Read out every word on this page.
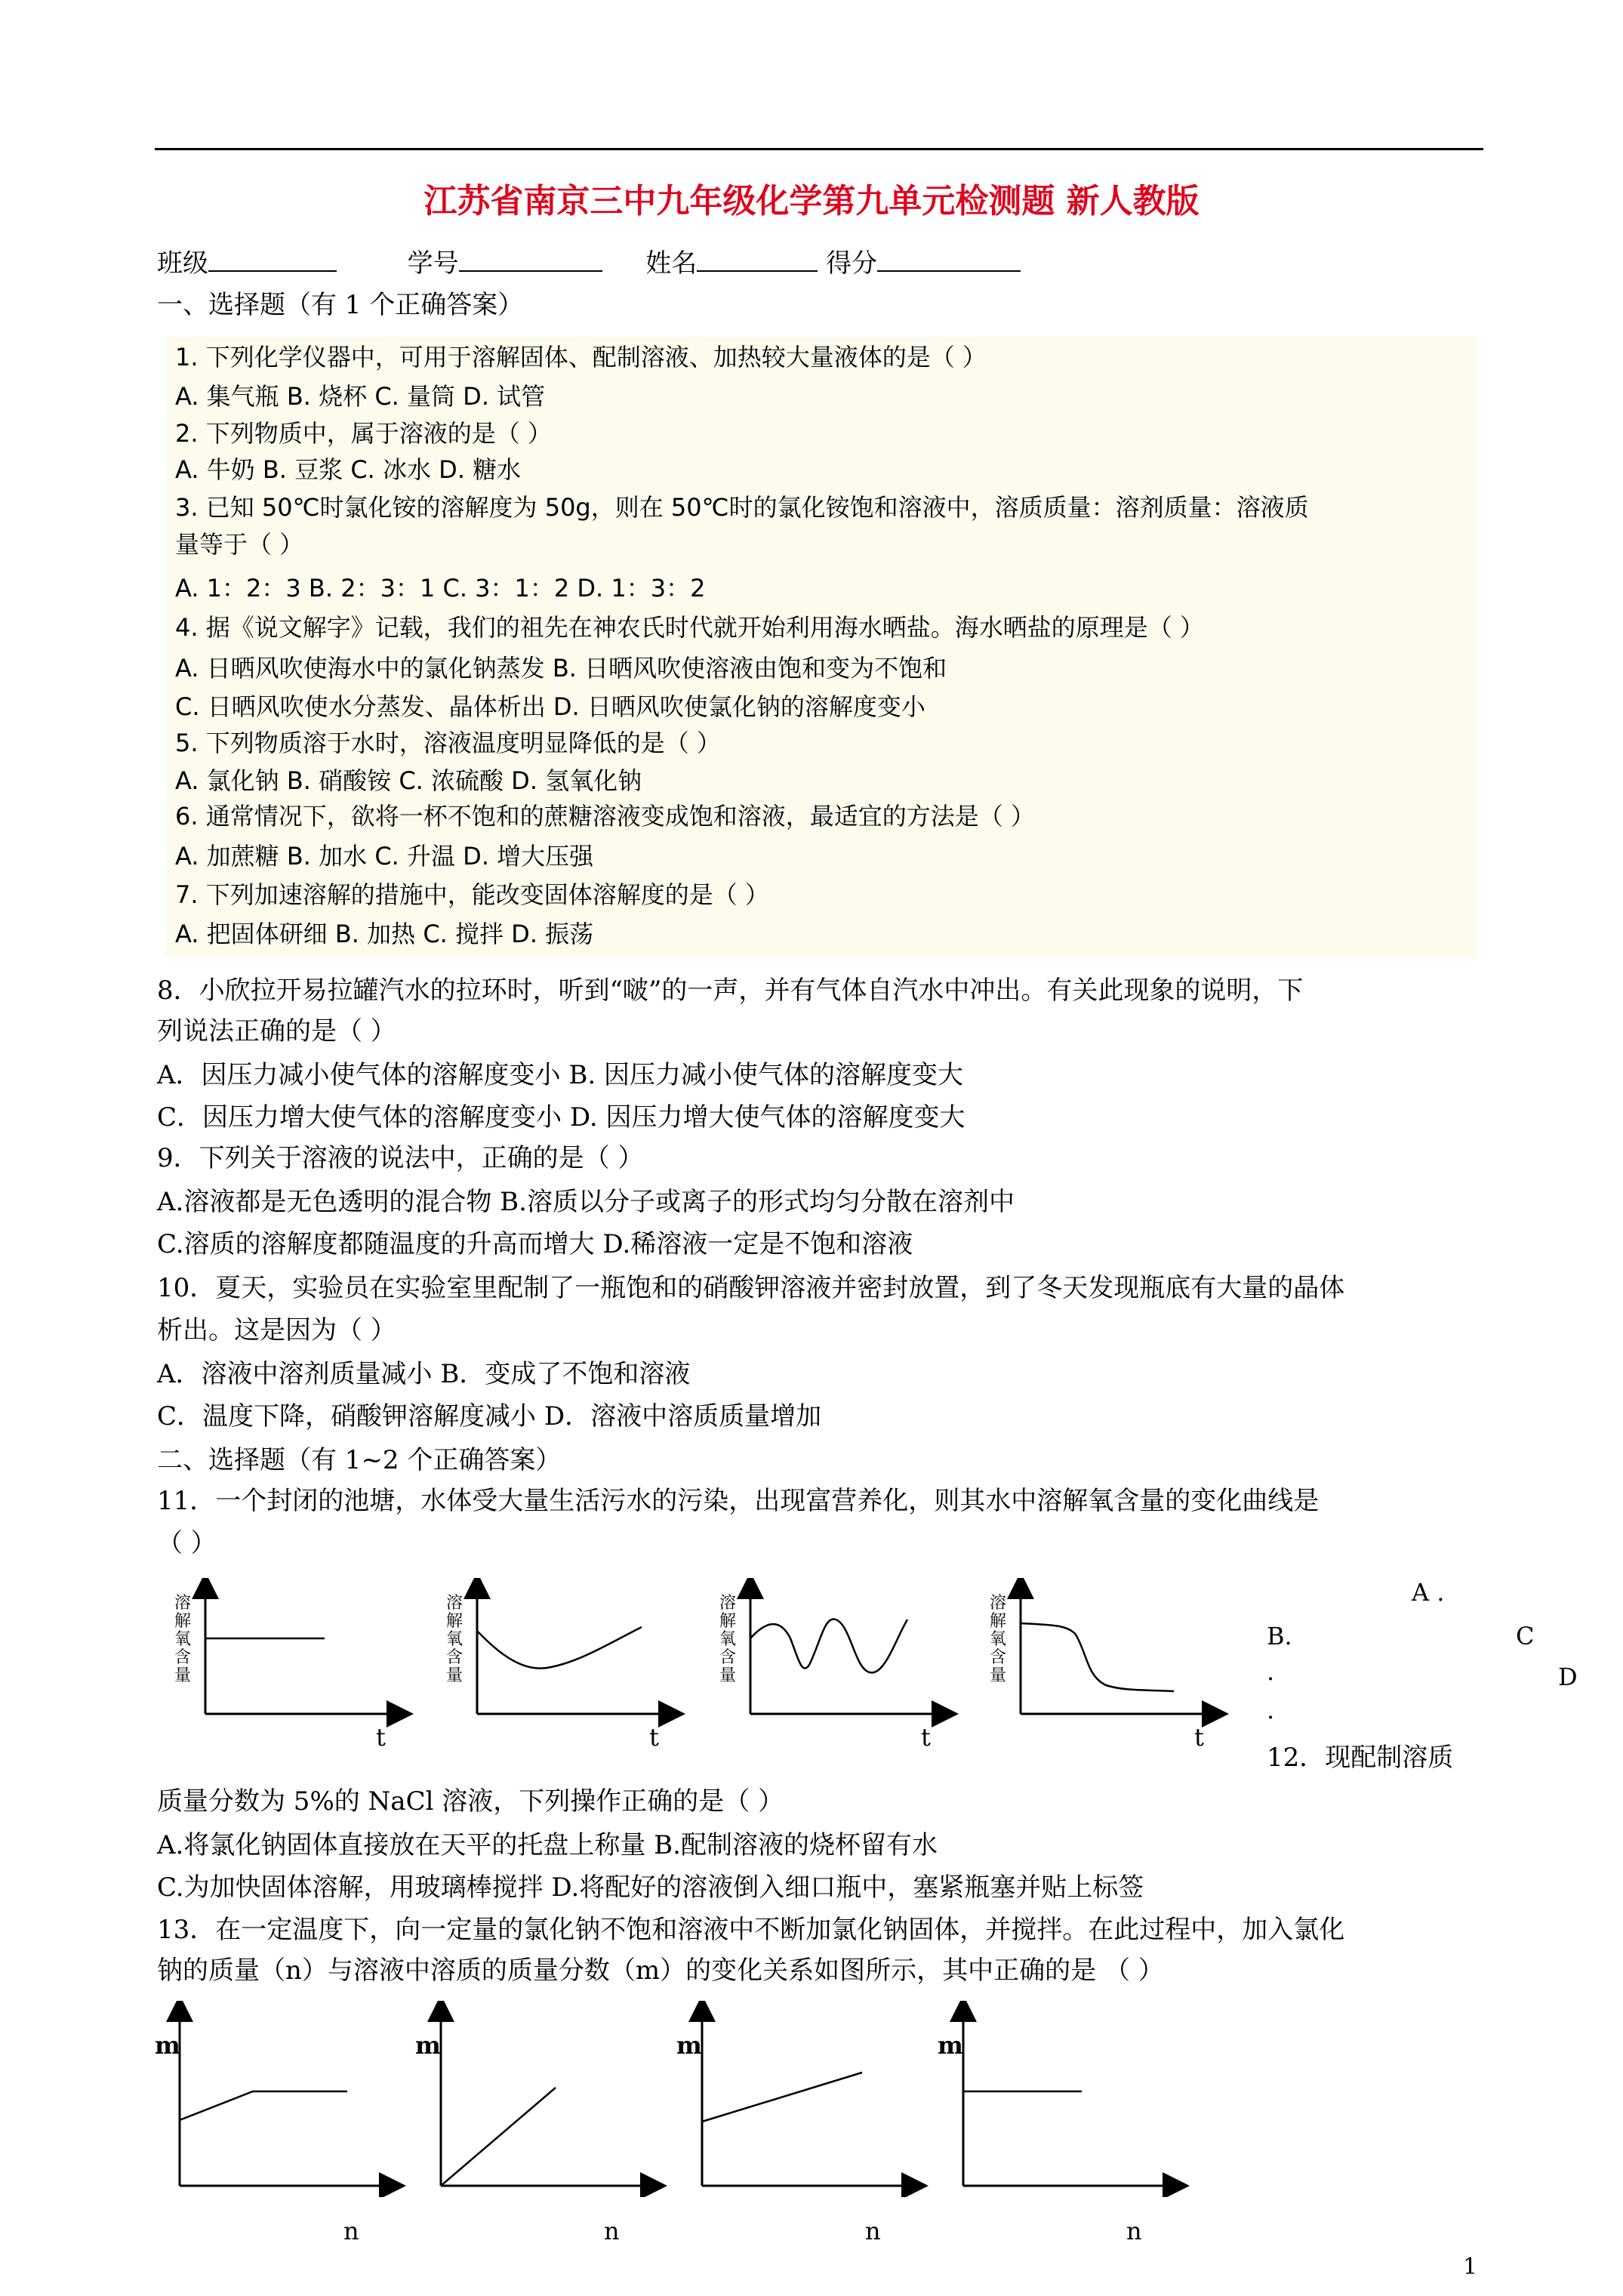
江苏省南京三中九年级化学第九单元检测题 新人教版
班级	学号	姓名	得分
一、选择题（有 1 个正确答案）
1. 下列化学仪器中，可用于溶解固体、配制溶液、加热较大量液体的是（ ）
A. 集气瓶 B. 烧杯 C. 量筒 D. 试管
2. 下列物质中，属于溶液的是（ ）
A. 牛奶 B. 豆浆 C. 冰水 D. 糖水
3. 已知 50℃时氯化铵的溶解度为 50g，则在 50℃时的氯化铵饱和溶液中，溶质质量：溶剂质量：溶液质
量等于（ ）
A. 1：2：3 B. 2：3：1 C. 3：1：2 D. 1：3：2
4. 据《说文解字》记载，我们的祖先在神农氏时代就开始利用海水晒盐。海水晒盐的原理是（ ）
A. 日晒风吹使海水中的氯化钠蒸发 B. 日晒风吹使溶液由饱和变为不饱和
C. 日晒风吹使水分蒸发、晶体析出 D. 日晒风吹使氯化钠的溶解度变小
5. 下列物质溶于水时，溶液温度明显降低的是（ ）
A. 氯化钠 B. 硝酸铵 C. 浓硫酸 D. 氢氧化钠
6. 通常情况下，欲将一杯不饱和的蔗糖溶液变成饱和溶液，最适宜的方法是（ ）
A. 加蔗糖 B. 加水 C. 升温 D. 增大压强
7. 下列加速溶解的措施中，能改变固体溶解度的是（ ）
A. 把固体研细 B. 加热 C. 搅拌 D. 振荡
8．小欣拉开易拉罐汽水的拉环时，听到“啵”的一声，并有气体自汽水中冲出。有关此现象的说明，下
列说法正确的是（ ）
A．因压力减小使气体的溶解度变小 B. 因压力减小使气体的溶解度变大
C．因压力增大使气体的溶解度变小 D. 因压力增大使气体的溶解度变大
9．下列关于溶液的说法中，正确的是（ ）
A.溶液都是无色透明的混合物 B.溶质以分子或离子的形式均匀分散在溶剂中
C.溶质的溶解度都随温度的升高而增大 D.稀溶液一定是不饱和溶液
10．夏天，实验员在实验室里配制了一瓶饱和的硝酸钾溶液并密封放置，到了冬天发现瓶底有大量的晶体
析出。这是因为（ ）
A．溶液中溶剂质量减小 B．变成了不饱和溶液
C．温度下降，硝酸钾溶解度减小 D．溶液中溶质质量增加
二、选择题（有 1~2 个正确答案）
11．一个封闭的池塘，水体受大量生活污水的污染，出现富营养化，则其水中溶解氧含量的变化曲线是
（ ）
溶解氧含量
溶解氧含量
溶解氧含量
溶解氧含量
t	t	t	t
A .
B.	C
.	D
.
12．现配制溶质
质量分数为 5%的 NaCl 溶液，下列操作正确的是（ ）
A.将氯化钠固体直接放在天平的托盘上称量 B.配制溶液的烧杯留有水
C.为加快固体溶解，用玻璃棒搅拌 D.将配好的溶液倒入细口瓶中，塞紧瓶塞并贴上标签
13．在一定温度下，向一定量的氯化钠不饱和溶液中不断加氯化钠固体，并搅拌。在此过程中，加入氯化
钠的质量（n）与溶液中溶质的质量分数（m）的变化关系如图所示，其中正确的是 （ ）
m	m	m	m
n	n	n	n
1
